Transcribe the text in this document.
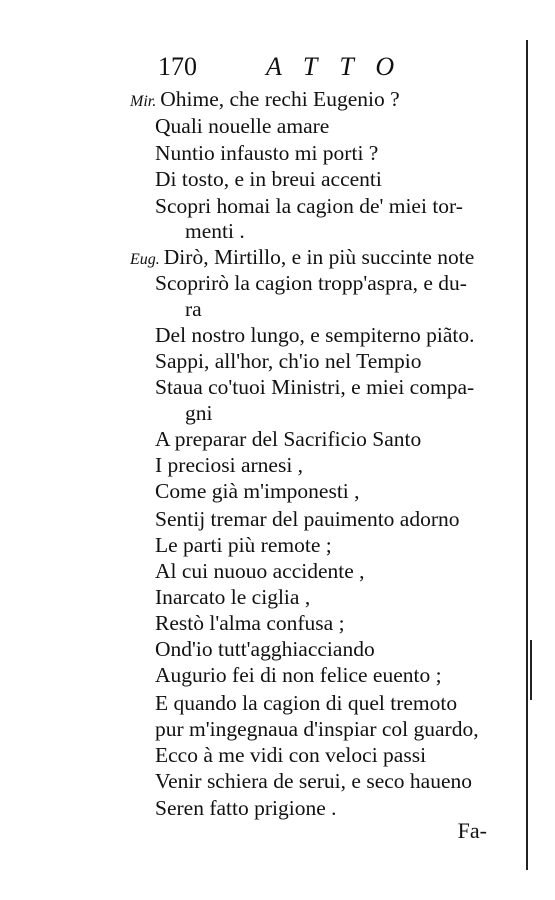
170	ATTO
Mir. Ohime, che rechi Eugenio ?
Quali nouelle amare
Nuntio infausto mi porti ?
Di tosto, e in breui accenti
Scopri homai la cagion de' miei tor-
menti .
Eug. Dirò, Mirtillo, e in più succinte note
Scoprirò la cagion tropp'aspra, e du-
ra
Del nostro lungo, e sempiterno piãto.
Sappi, all'hor, ch'io nel Tempio
Staua co'tuoi Ministri, e miei compa-
gni
A preparar del Sacrificio Santo
I preciosi arnesi ,
Come già m'imponesti ,
Sentij tremar del pauimento adorno
Le parti più remote ;
Al cui nuouo accidente ,
Inarcato le ciglia ,
Restò l'alma confusa ;
Ond'io tutt'agghiacciando
Augurio fei di non felice euento ;
E quando la cagion di quel tremoto
pur m'ingegnaua d'inspiar col guardo,
Ecco à me vidi con veloci passi
Venir schiera de serui, e seco haueno
Seren fatto prigione .
Fa-
